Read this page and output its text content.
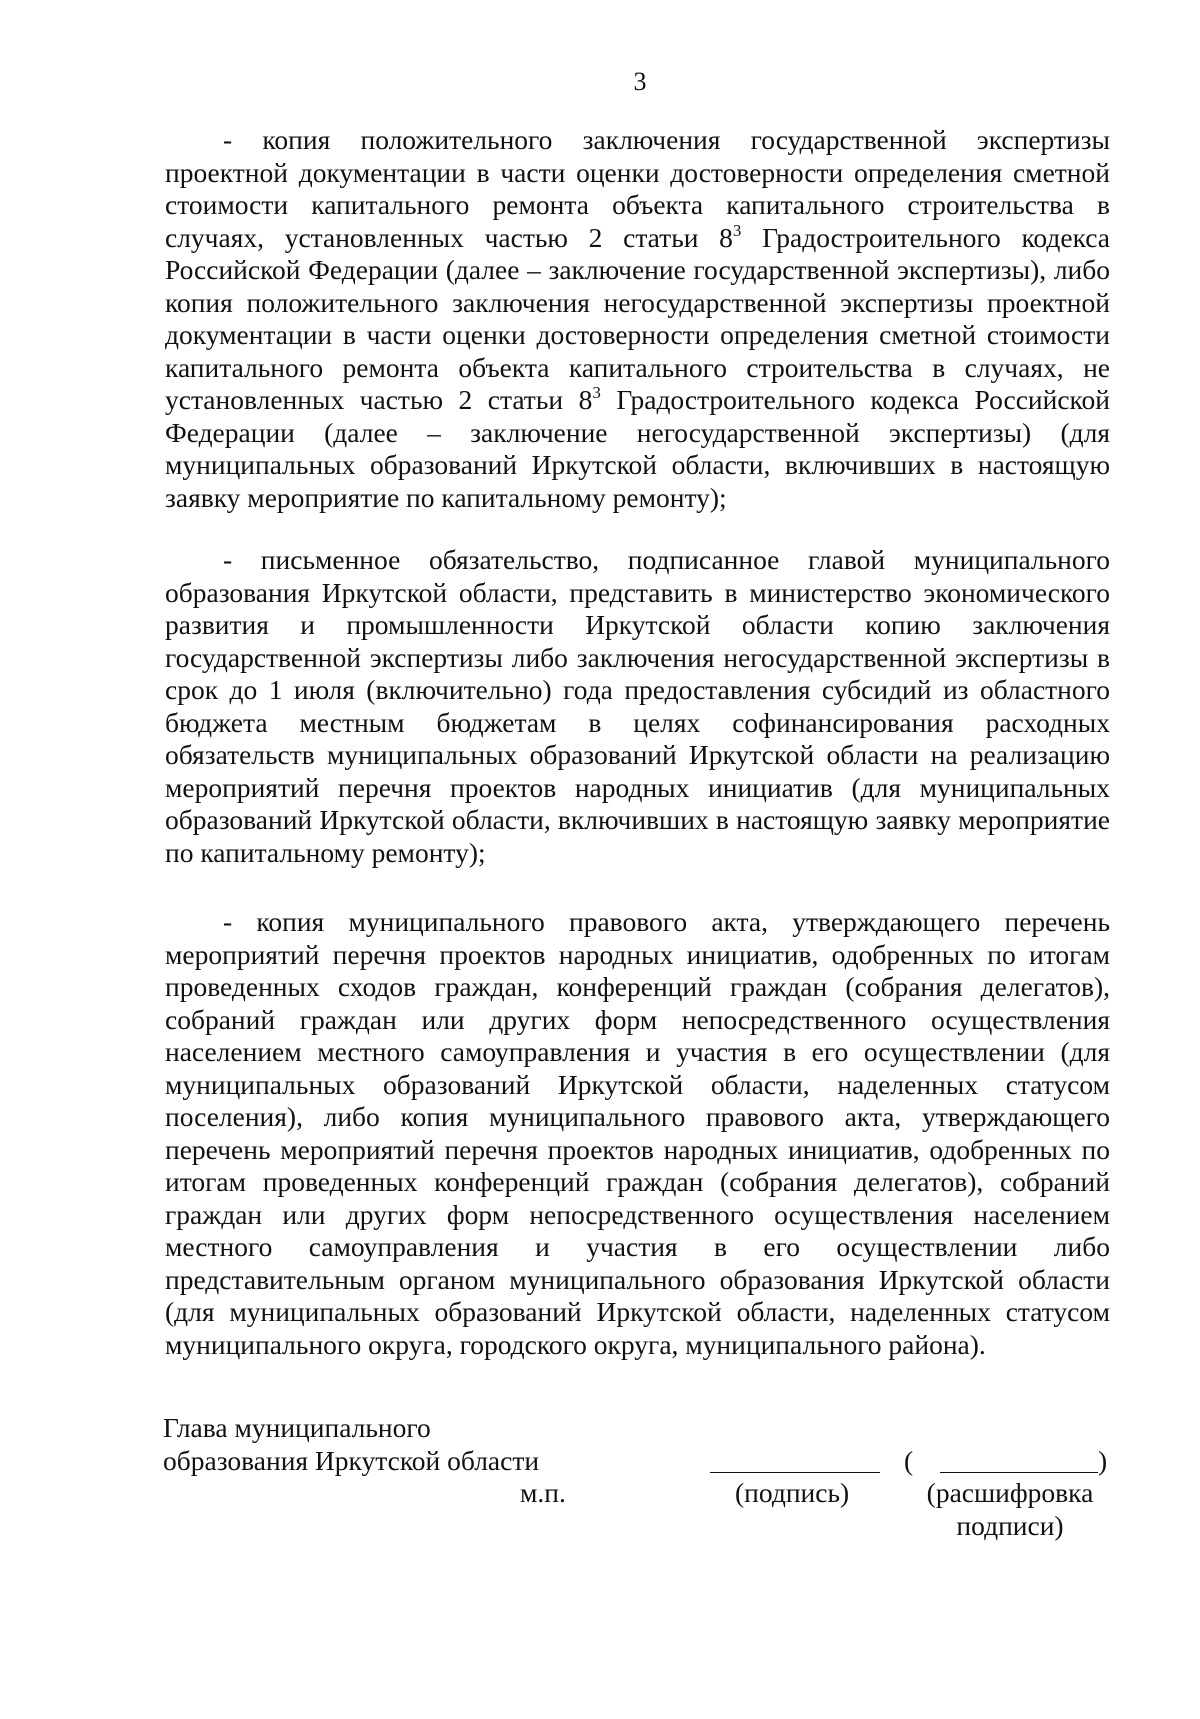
3

- копия положительного заключения государственной экспертизы проектной документации в части оценки достоверности определения сметной стоимости капитального ремонта объекта капитального строительства в случаях, установленных частью 2 статьи $8^3$ Градостроительного кодекса Российской Федерации (далее – заключение государственной экспертизы), либо копия положительного заключения негосударственной экспертизы проектной документации в части оценки достоверности определения сметной стоимости капитального ремонта объекта капитального строительства в случаях, не установленных частью 2 статьи $8^3$ Градостроительного кодекса Российской Федерации (далее – заключение негосударственной экспертизы) (для муниципальных образований Иркутской области, включивших в настоящую заявку мероприятие по капитальному ремонту);

- письменное обязательство, подписанное главой муниципального образования Иркутской области, представить в министерство экономического развития и промышленности Иркутской области копию заключения государственной экспертизы либо заключения негосударственной экспертизы в срок до 1 июля (включительно) года предоставления субсидий из областного бюджета местным бюджетам в целях софинансирования расходных обязательств муниципальных образований Иркутской области на реализацию мероприятий перечня проектов народных инициатив (для муниципальных образований Иркутской области, включивших в настоящую заявку мероприятие по капитальному ремонту);

- копия муниципального правового акта, утверждающего перечень мероприятий перечня проектов народных инициатив, одобренных по итогам проведенных сходов граждан, конференций граждан (собрания делегатов), собраний граждан или других форм непосредственного осуществления населением местного самоуправления и участия в его осуществлении (для муниципальных образований Иркутской области, наделенных статусом поселения), либо копия муниципального правового акта, утверждающего перечень мероприятий перечня проектов народных инициатив, одобренных по итогам проведенных конференций граждан (собрания делегатов), собраний граждан или других форм непосредственного осуществления населением местного самоуправления и участия в его осуществлении либо представительным органом муниципального образования Иркутской области (для муниципальных образований Иркутской области, наделенных статусом муниципального округа, городского округа, муниципального района).

Глава муниципального
образования Иркутской области
м.п.
(	)
(подпись)	(расшифровка
подписи)
